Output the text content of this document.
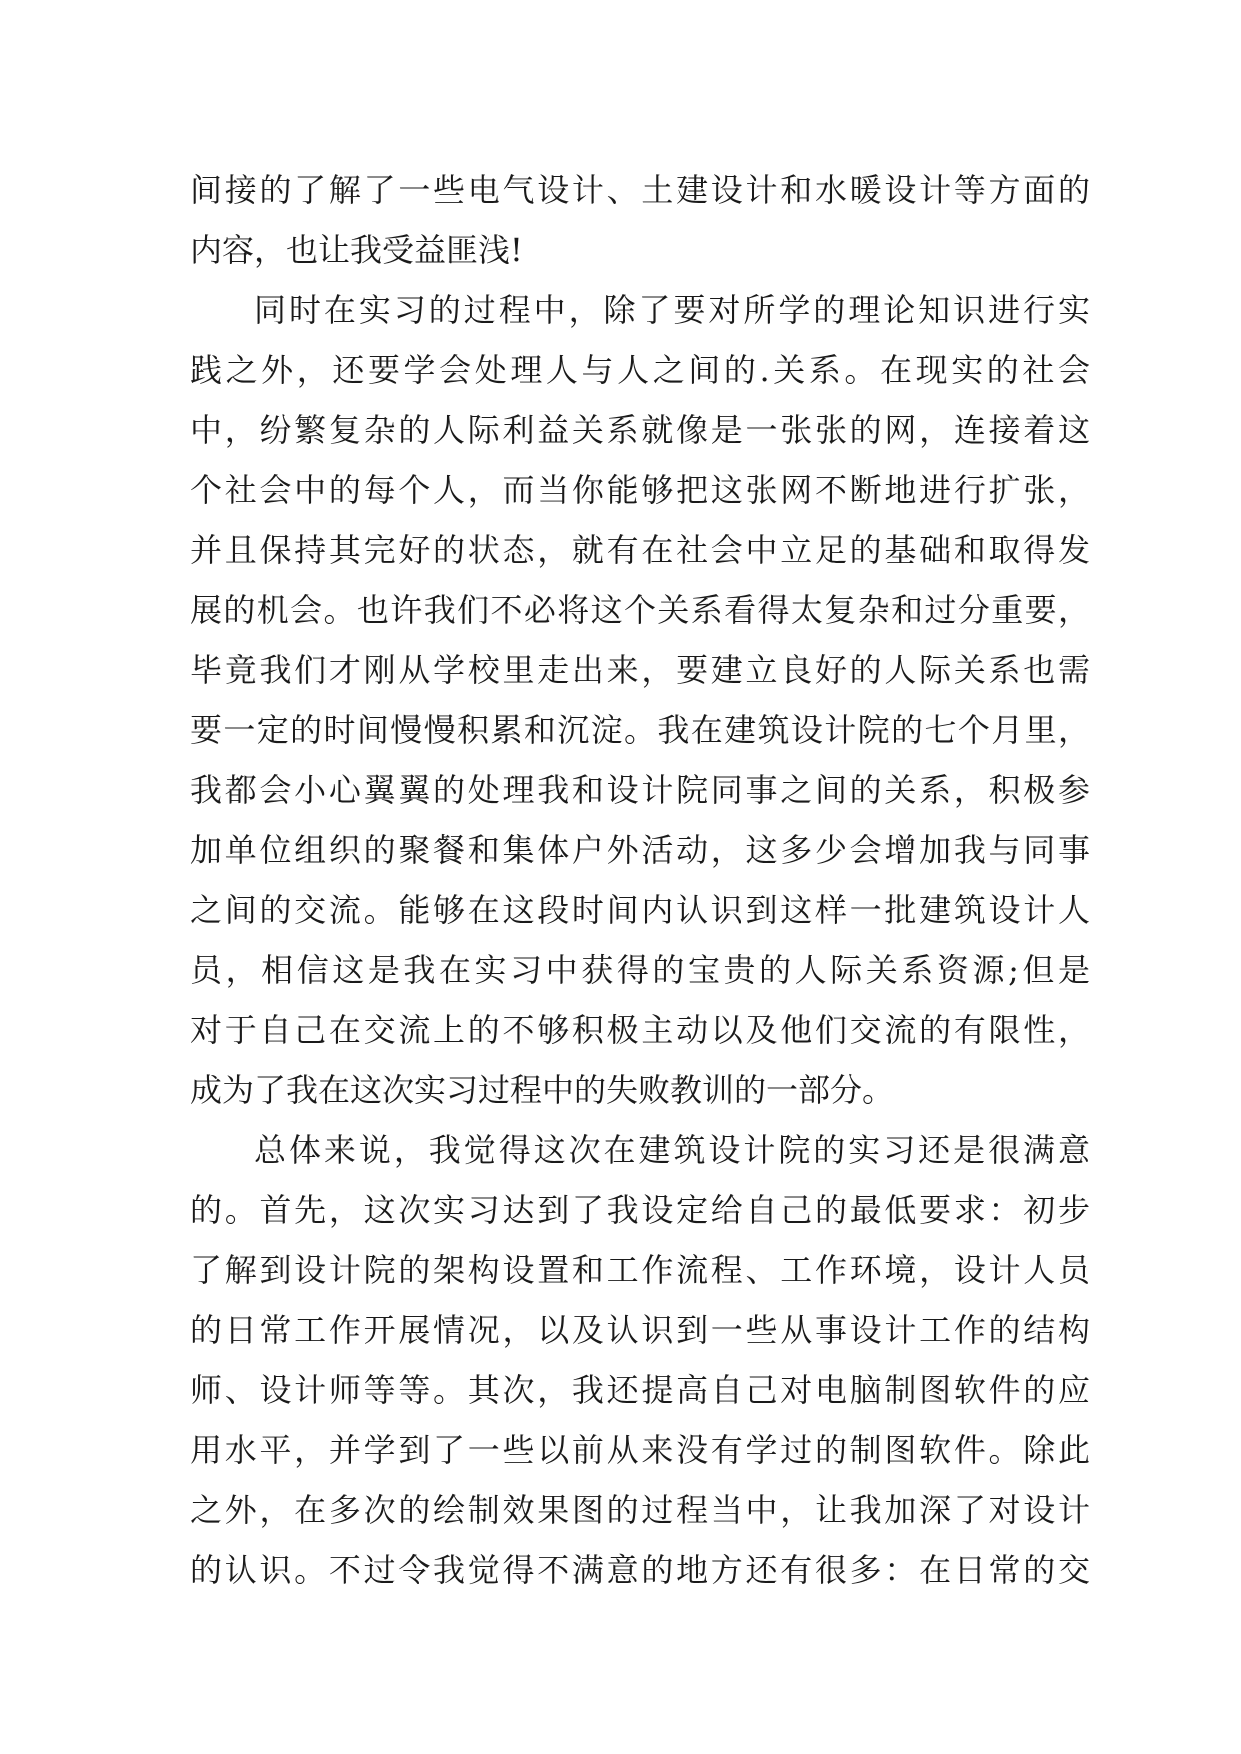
间接的了解了一些电气设计、土建设计和水暖设计等方面的
内容，也让我受益匪浅!
同时在实习的过程中，除了要对所学的理论知识进行实
践之外，还要学会处理人与人之间的.关系。在现实的社会
中，纷繁复杂的人际利益关系就像是一张张的网，连接着这
个社会中的每个人，而当你能够把这张网不断地进行扩张，
并且保持其完好的状态，就有在社会中立足的基础和取得发
展的机会。也许我们不必将这个关系看得太复杂和过分重要，
毕竟我们才刚从学校里走出来，要建立良好的人际关系也需
要一定的时间慢慢积累和沉淀。我在建筑设计院的七个月里，
我都会小心翼翼的处理我和设计院同事之间的关系，积极参
加单位组织的聚餐和集体户外活动，这多少会增加我与同事
之间的交流。能够在这段时间内认识到这样一批建筑设计人
员，相信这是我在实习中获得的宝贵的人际关系资源;但是
对于自己在交流上的不够积极主动以及他们交流的有限性，
成为了我在这次实习过程中的失败教训的一部分。
总体来说，我觉得这次在建筑设计院的实习还是很满意
的。首先，这次实习达到了我设定给自己的最低要求：初步
了解到设计院的架构设置和工作流程、工作环境，设计人员
的日常工作开展情况，以及认识到一些从事设计工作的结构
师、设计师等等。其次，我还提高自己对电脑制图软件的应
用水平，并学到了一些以前从来没有学过的制图软件。除此
之外，在多次的绘制效果图的过程当中，让我加深了对设计
的认识。不过令我觉得不满意的地方还有很多：在日常的交
